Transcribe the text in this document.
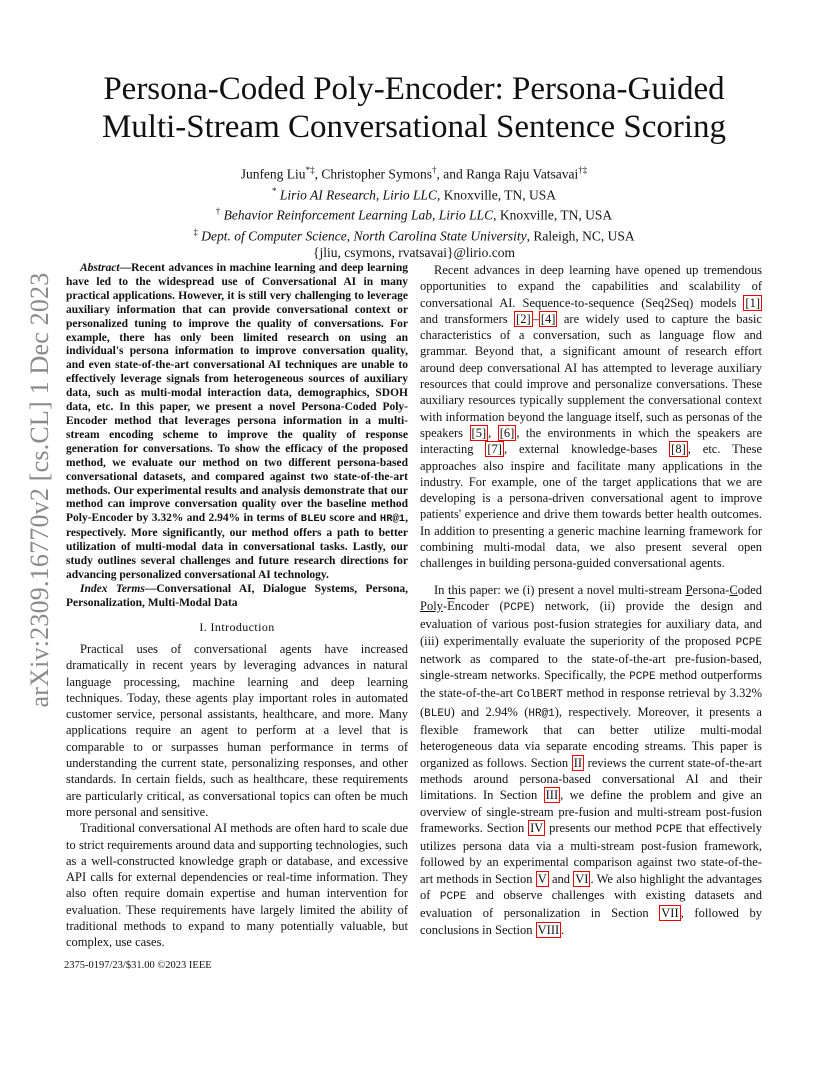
arXiv:2309.16770v2 [cs.CL] 1 Dec 2023
Persona-Coded Poly-Encoder: Persona-Guided
Multi-Stream Conversational Sentence Scoring
Junfeng Liu*‡, Christopher Symons†, and Ranga Raju Vatsavai†‡
* Lirio AI Research, Lirio LLC, Knoxville, TN, USA
† Behavior Reinforcement Learning Lab, Lirio LLC, Knoxville, TN, USA
‡ Dept. of Computer Science, North Carolina State University, Raleigh, NC, USA
{jliu, csymons, rvatsavai}@lirio.com

Abstract—Recent advances in machine learning and deep learning have led to the widespread use of Conversational AI in many practical applications. However, it is still very challenging to leverage auxiliary information that can provide conversational context or personalized tuning to improve the quality of conversations. For example, there has only been limited research on using an individual's persona information to improve conversation quality, and even state-of-the-art conversational AI techniques are unable to effectively leverage signals from heterogeneous sources of auxiliary data, such as multi-modal interaction data, demographics, SDOH data, etc. In this paper, we present a novel Persona-Coded Poly-Encoder method that leverages persona information in a multi-stream encoding scheme to improve the quality of response generation for conversations. To show the efficacy of the proposed method, we evaluate our method on two different persona-based conversational datasets, and compared against two state-of-the-art methods. Our experimental results and analysis demonstrate that our method can improve conversation quality over the baseline method Poly-Encoder by 3.32% and 2.94% in terms of BLEU score and HR@1, respectively. More significantly, our method offers a path to better utilization of multi-modal data in conversational tasks. Lastly, our study outlines several challenges and future research directions for advancing personalized conversational AI technology.

Index Terms—Conversational AI, Dialogue Systems, Persona, Personalization, Multi-Modal Data

I. Introduction

Practical uses of conversational agents have increased dramatically in recent years by leveraging advances in natural language processing, machine learning and deep learning techniques. Today, these agents play important roles in automated customer service, personal assistants, healthcare, and more. Many applications require an agent to perform at a level that is comparable to or surpasses human performance in terms of understanding the current state, personalizing responses, and other standards. In certain fields, such as healthcare, these requirements are particularly critical, as conversational topics can often be much more personal and sensitive.

Traditional conversational AI methods are often hard to scale due to strict requirements around data and supporting technologies, such as a well-constructed knowledge graph or database, and excessive API calls for external dependencies or real-time information. They also often require domain expertise and human intervention for evaluation. These requirements have largely limited the ability of traditional methods to expand to many potentially valuable, but complex, use cases.

Recent advances in deep learning have opened up tremendous opportunities to expand the capabilities and scalability of conversational AI. Sequence-to-sequence (Seq2Seq) models [1] and transformers [2] – [4] are widely used to capture the basic characteristics of a conversation, such as language flow and grammar. Beyond that, a significant amount of research effort around deep conversational AI has attempted to leverage auxiliary resources that could improve and personalize conversations. These auxiliary resources typically supplement the conversational context with information beyond the language itself, such as personas of the speakers [5] , [6] , the environments in which the speakers are interacting [7] , external knowledge-bases [8] , etc. These approaches also inspire and facilitate many applications in the industry. For example, one of the target applications that we are developing is a persona-driven conversational agent to improve patients' experience and drive them towards better health outcomes. In addition to presenting a generic machine learning framework for combining multi-modal data, we also present several open challenges in building persona-guided conversational agents.

In this paper: we (i) present a novel multi-stream Persona-Coded Poly-$\overline{E}ncoder$ (PCPE) network, (ii) provide the design and evaluation of various post-fusion strategies for auxiliary data, and (iii) experimentally evaluate the superiority of the proposed PCPE network as compared to the state-of-the-art pre-fusion-based, single-stream networks. Specifically, the PCPE method outperforms the state-of-the-art ColBERT method in response retrieval by 3.32% (BLEU) and 2.94% (HR@1), respectively. Moreover, it presents a flexible framework that can better utilize multi-modal heterogeneous data via separate encoding streams. This paper is organized as follows. Section II reviews the current state-of-the-art methods around persona-based conversational AI and their limitations. In Section III , we define the problem and give an overview of single-stream pre-fusion and multi-stream post-fusion frameworks. Section IV presents our method PCPE that effectively utilizes persona data via a multi-stream post-fusion framework, followed by an experimental comparison against two state-of-the-art methods in Section V and VI . We also highlight the advantages of PCPE and observe challenges with existing datasets and evaluation of personalization in Section VII , followed by conclusions in Section VIII .

2375-0197/23/$31.00 ©2023 IEEE
